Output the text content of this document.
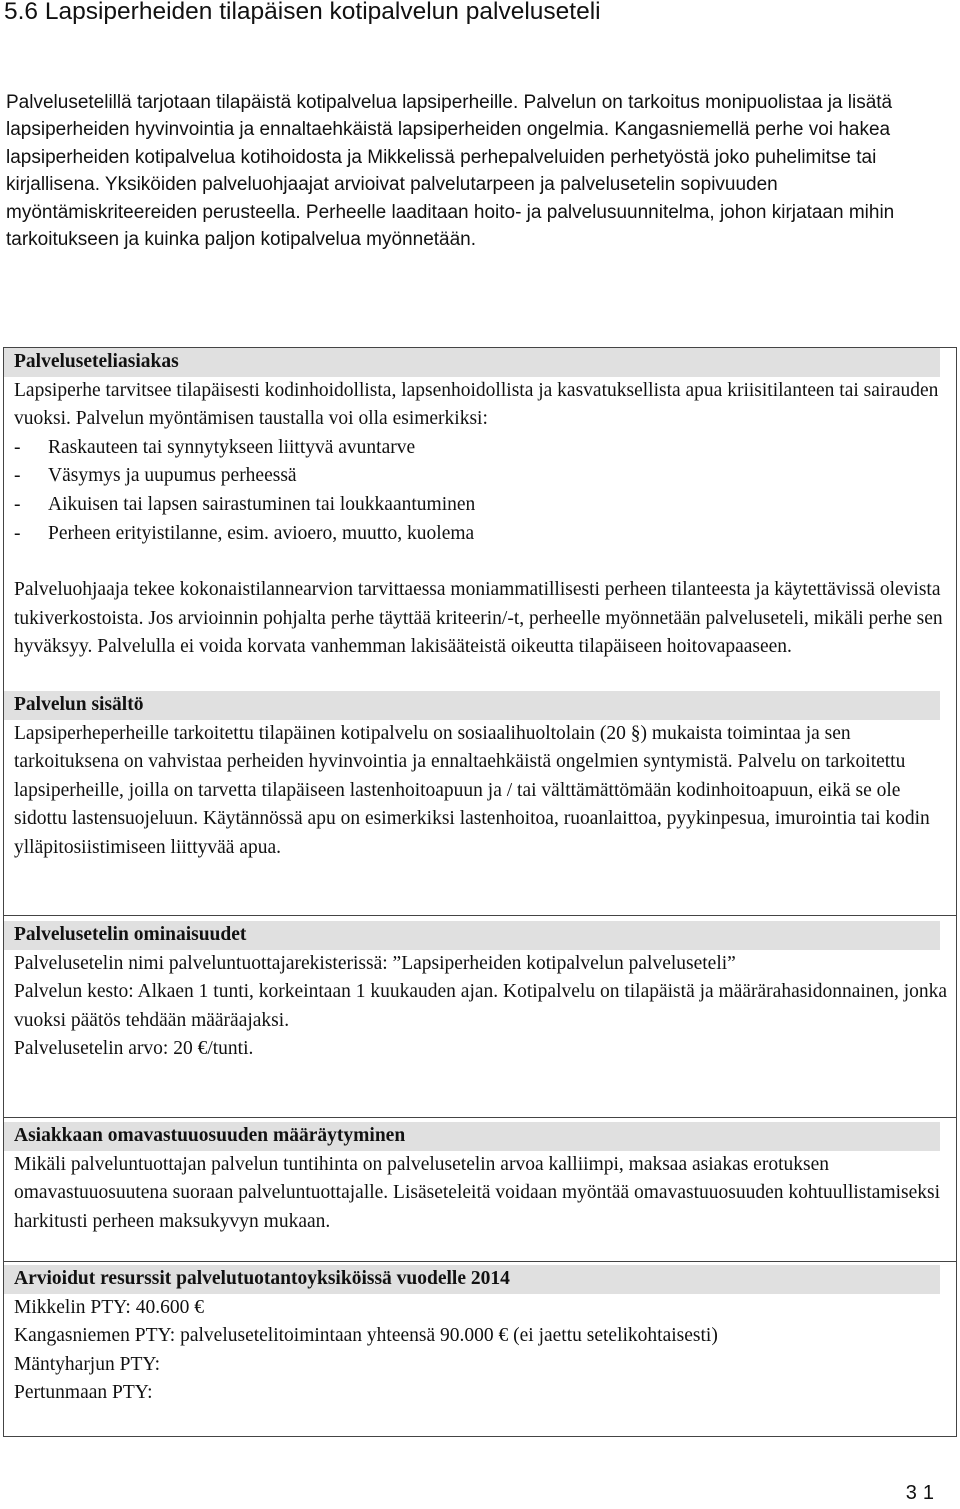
5.6 Lapsiperheiden tilapäisen kotipalvelun palveluseteli

Palvelusetelillä tarjotaan tilapäistä kotipalvelua lapsiperheille. Palvelun on tarkoitus monipuolistaa ja lisätä lapsiperheiden hyvinvointia ja ennaltaehkäistä lapsiperheiden ongelmia. Kangasniemellä perhe voi hakea lapsiperheiden kotipalvelua kotihoidosta ja Mikkelissä perhepalveluiden perhetyöstä joko puhelimitse tai kirjallisena. Yksiköiden palveluohjaajat arvioivat palvelutarpeen ja palvelusetelin sopivuuden myöntämiskriteereiden perusteella. Perheelle laaditaan hoito- ja palvelusuunnitelma, johon kirjataan mihin tarkoitukseen ja kuinka paljon kotipalvelua myönnetään.

Palveluseteliasiakas

Lapsiperhe tarvitsee tilapäisesti kodinhoidollista, lapsenhoidollista ja kasvatuksellista apua kriisitilanteen tai sairauden vuoksi. Palvelun myöntämisen taustalla voi olla esimerkiksi:

-	Raskauteen tai synnytykseen liittyvä avuntarve
-	Väsymys ja uupumus perheessä
-	Aikuisen tai lapsen sairastuminen tai loukkaantuminen
-	Perheen erityistilanne, esim. avioero, muutto, kuolema

Palveluohjaaja tekee kokonaistilannearvion tarvittaessa moniammatillisesti perheen tilanteesta ja käytettävissä olevista tukiverkostoista. Jos arvioinnin pohjalta perhe täyttää kriteerin/-t, perheelle myönnetään palveluseteli, mikäli perhe sen hyväksyy. Palvelulla ei voida korvata vanhemman lakisääteistä oikeutta tilapäiseen hoitovapaaseen.

Palvelun sisältö

Lapsiperheperheille tarkoitettu tilapäinen kotipalvelu on sosiaalihuoltolain (20 §) mukaista toimintaa ja sen tarkoituksena on vahvistaa perheiden hyvinvointia ja ennaltaehkäistä ongelmien syntymistä. Palvelu on tarkoitettu lapsiperheille, joilla on tarvetta tilapäiseen lastenhoitoapuun ja / tai välttämättömään kodinhoitoapuun, eikä se ole sidottu lastensuojeluun. Käytännössä apu on esimerkiksi lastenhoitoa, ruoanlaittoa, pyykinpesua, imurointia tai kodin ylläpitosiistimiseen liittyvää apua.

Palvelusetelin ominaisuudet

Palvelusetelin nimi palveluntuottajarekisterissä: ”Lapsiperheiden kotipalvelun palveluseteli”

Palvelun kesto: Alkaen 1 tunti, korkeintaan 1 kuukauden ajan. Kotipalvelu on tilapäistä ja määrärahasidonnainen, jonka vuoksi päätös tehdään määräajaksi.

Palvelusetelin arvo: 20 €/tunti.

Asiakkaan omavastuuosuuden määräytyminen

Mikäli palveluntuottajan palvelun tuntihinta on palvelusetelin arvoa kalliimpi, maksaa asiakas erotuksen omavastuuosuutena suoraan palveluntuottajalle. Lisäseteleitä voidaan myöntää omavastuuosuuden kohtuullistamiseksi harkitusti perheen maksukyvyn mukaan.

Arvioidut resurssit palvelutuotantoyksiköissä vuodelle 2014

Mikkelin PTY: 40.600 €

Kangasniemen PTY: palvelusetelitoimintaan yhteensä 90.000 € (ei jaettu setelikohtaisesti)

Mäntyharjun PTY:

Pertunmaan PTY:

31
